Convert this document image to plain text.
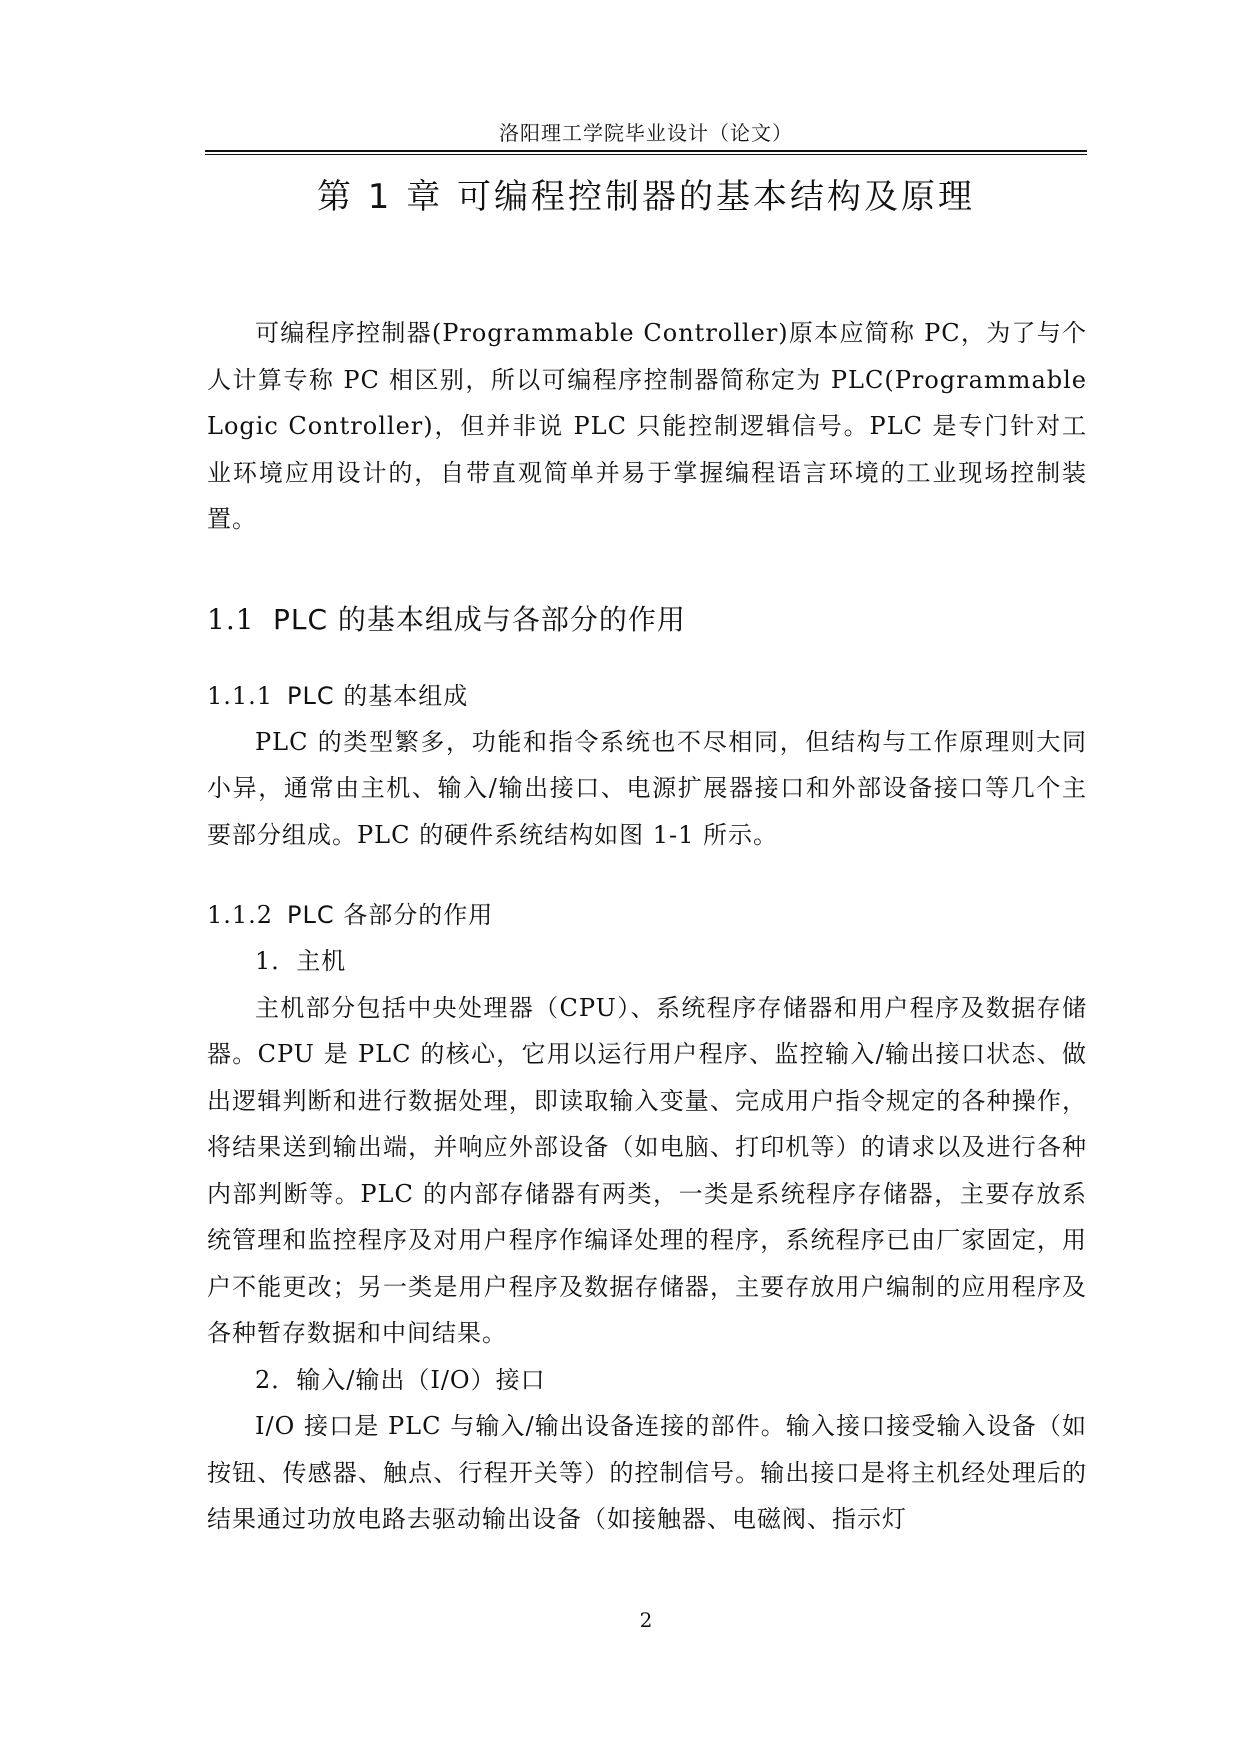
洛阳理工学院毕业设计（论文）
第 1 章 可编程控制器的基本结构及原理

可编程序控制器(Programmable Controller)原本应简称 PC，为了与个人计算专称 PC 相区别，所以可编程序控制器简称定为 PLC(Programmable Logic Controller)，但并非说 PLC 只能控制逻辑信号。PLC 是专门针对工业环境应用设计的，自带直观简单并易于掌握编程语言环境的工业现场控制装置。

1.1 PLC 的基本组成与各部分的作用

1.1.1 PLC 的基本组成

PLC 的类型繁多，功能和指令系统也不尽相同，但结构与工作原理则大同小异，通常由主机、输入/输出接口、电源扩展器接口和外部设备接口等几个主要部分组成。PLC 的硬件系统结构如图 1-1 所示。

1.1.2 PLC 各部分的作用

1．主机

主机部分包括中央处理器（CPU）、系统程序存储器和用户程序及数据存储器。CPU 是 PLC 的核心，它用以运行用户程序、监控输入/输出接口状态、做出逻辑判断和进行数据处理，即读取输入变量、完成用户指令规定的各种操作，将结果送到输出端，并响应外部设备（如电脑、打印机等）的请求以及进行各种内部判断等。PLC 的内部存储器有两类，一类是系统程序存储器，主要存放系统管理和监控程序及对用户程序作编译处理的程序，系统程序已由厂家固定，用户不能更改；另一类是用户程序及数据存储器，主要存放用户编制的应用程序及各种暂存数据和中间结果。

2．输入/输出（I/O）接口

I/O 接口是 PLC 与输入/输出设备连接的部件。输入接口接受输入设备（如按钮、传感器、触点、行程开关等）的控制信号。输出接口是将主机经处理后的结果通过功放电路去驱动输出设备（如接触器、电磁阀、指示灯

2
